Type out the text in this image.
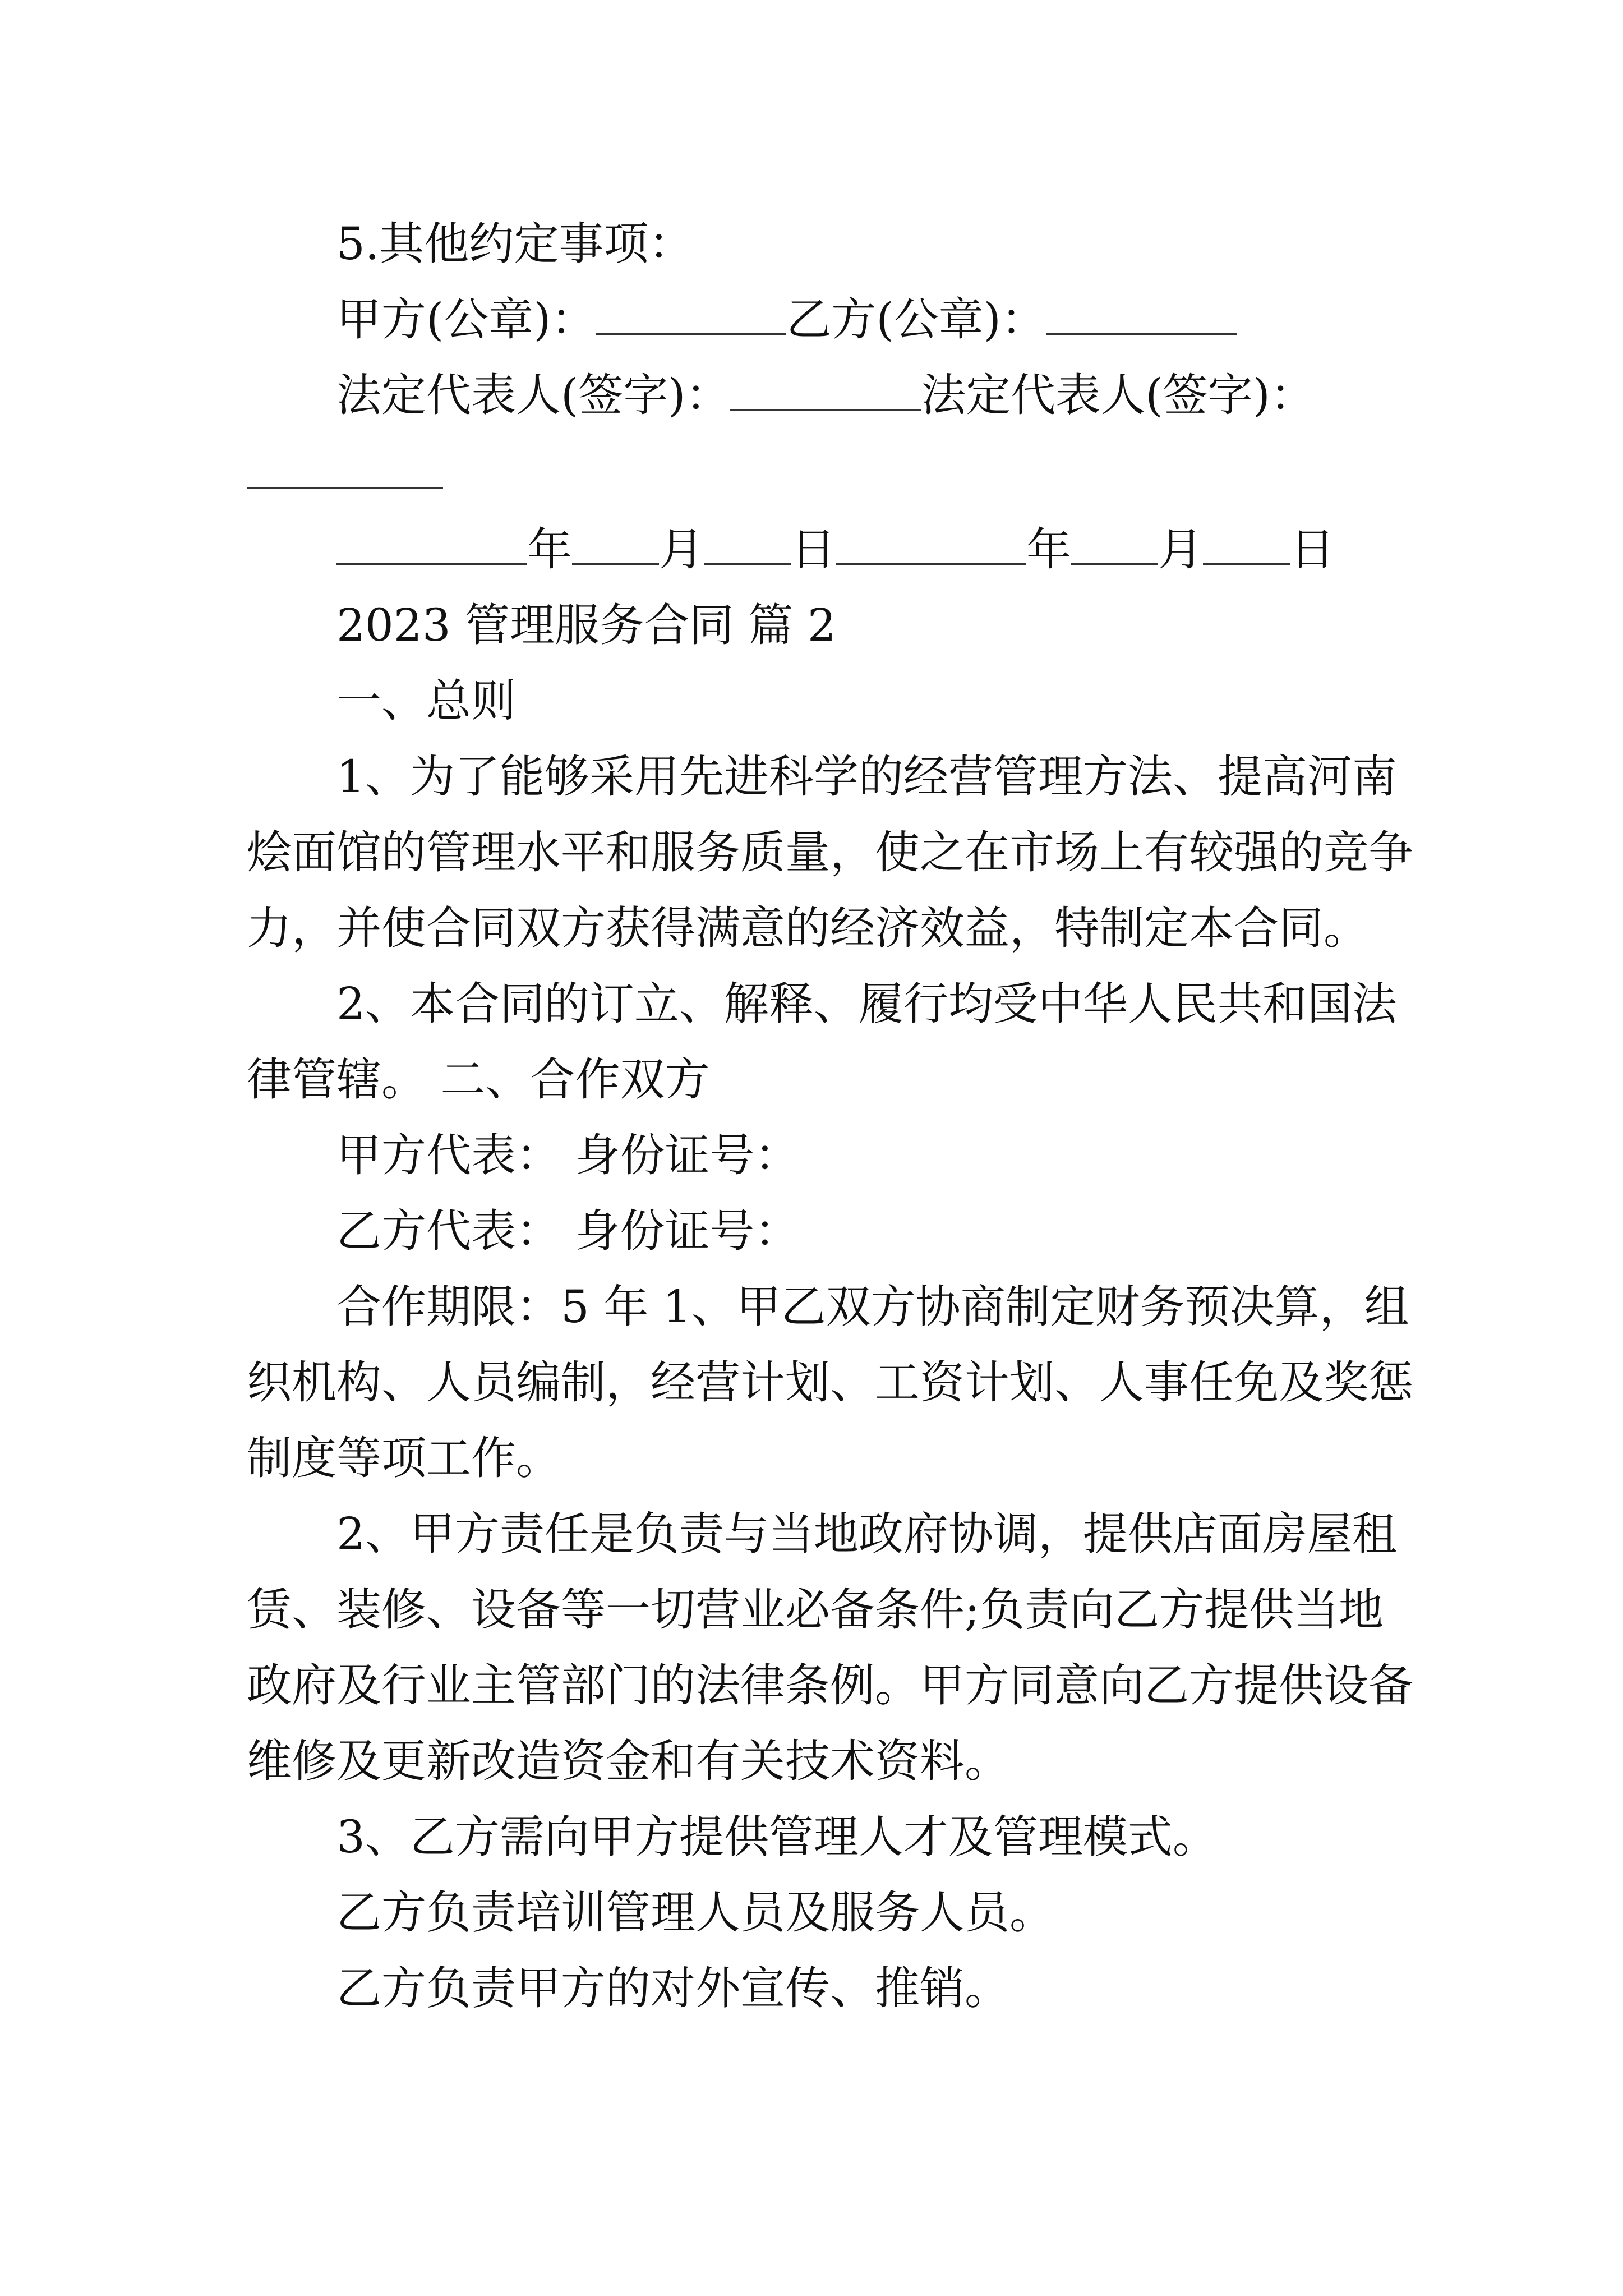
5.其他约定事项：
甲方(公章)：	乙方(公章)：
法定代表人(签字)：	法定代表人(签字)：
年 月 日	年 月 日
2023 管理服务合同 篇 2
一、总则
1、为了能够采用先进科学的经营管理方法、提高河南
烩面馆的管理水平和服务质量，使之在市场上有较强的竞争
力，并使合同双方获得满意的经济效益，特制定本合同。
2、本合同的订立、解释、履行均受中华人民共和国法
律管辖。 二、合作双方
甲方代表： 身份证号：
乙方代表： 身份证号：
合作期限：5 年 1、甲乙双方协商制定财务预决算，组
织机构、人员编制，经营计划、工资计划、人事任免及奖惩
制度等项工作。
2、甲方责任是负责与当地政府协调，提供店面房屋租
赁、装修、设备等一切营业必备条件;负责向乙方提供当地
政府及行业主管部门的法律条例。甲方同意向乙方提供设备
维修及更新改造资金和有关技术资料。
3、乙方需向甲方提供管理人才及管理模式。
乙方负责培训管理人员及服务人员。
乙方负责甲方的对外宣传、推销。
